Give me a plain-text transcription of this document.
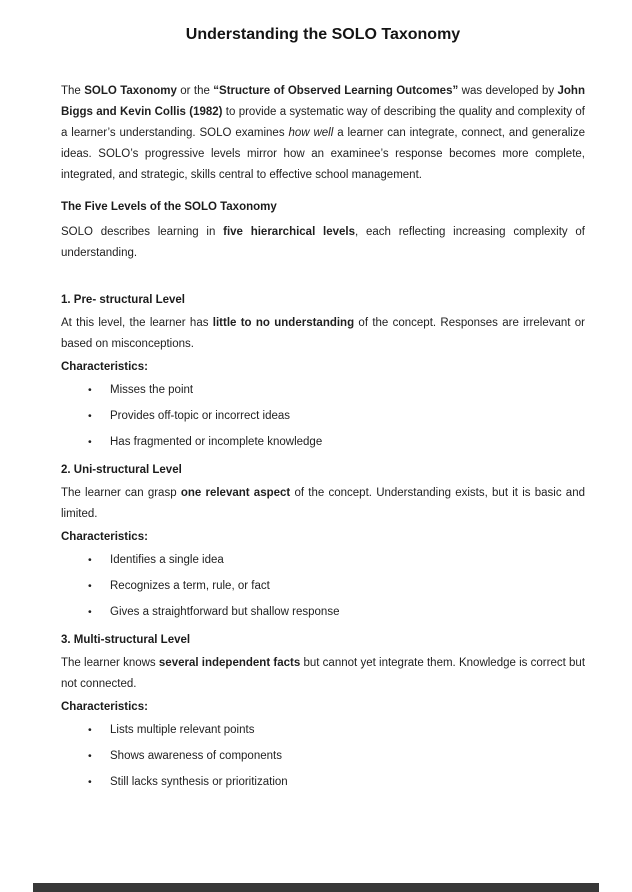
Understanding the SOLO Taxonomy

The SOLO Taxonomy or the “Structure of Observed Learning Outcomes” was developed by John Biggs and Kevin Collis (1982) to provide a systematic way of describing the quality and complexity of a learner’s understanding. SOLO examines how well a learner can integrate, connect, and generalize ideas. SOLO’s progressive levels mirror how an examinee’s response becomes more complete, integrated, and strategic, skills central to effective school management.

The Five Levels of the SOLO Taxonomy

SOLO describes learning in five hierarchical levels, each reflecting increasing complexity of understanding.

1. Pre- structural Level

At this level, the learner has little to no understanding of the concept. Responses are irrelevant or based on misconceptions.

Characteristics:
• Misses the point
• Provides off-topic or incorrect ideas
• Has fragmented or incomplete knowledge
2. Uni-structural Level

The learner can grasp one relevant aspect of the concept. Understanding exists, but it is basic and limited.

Characteristics:
• Identifies a single idea
• Recognizes a term, rule, or fact
• Gives a straightforward but shallow response
3. Multi-structural Level

The learner knows several independent facts but cannot yet integrate them. Knowledge is correct but not connected.

Characteristics:
• Lists multiple relevant points
• Shows awareness of components
• Still lacks synthesis or prioritization
